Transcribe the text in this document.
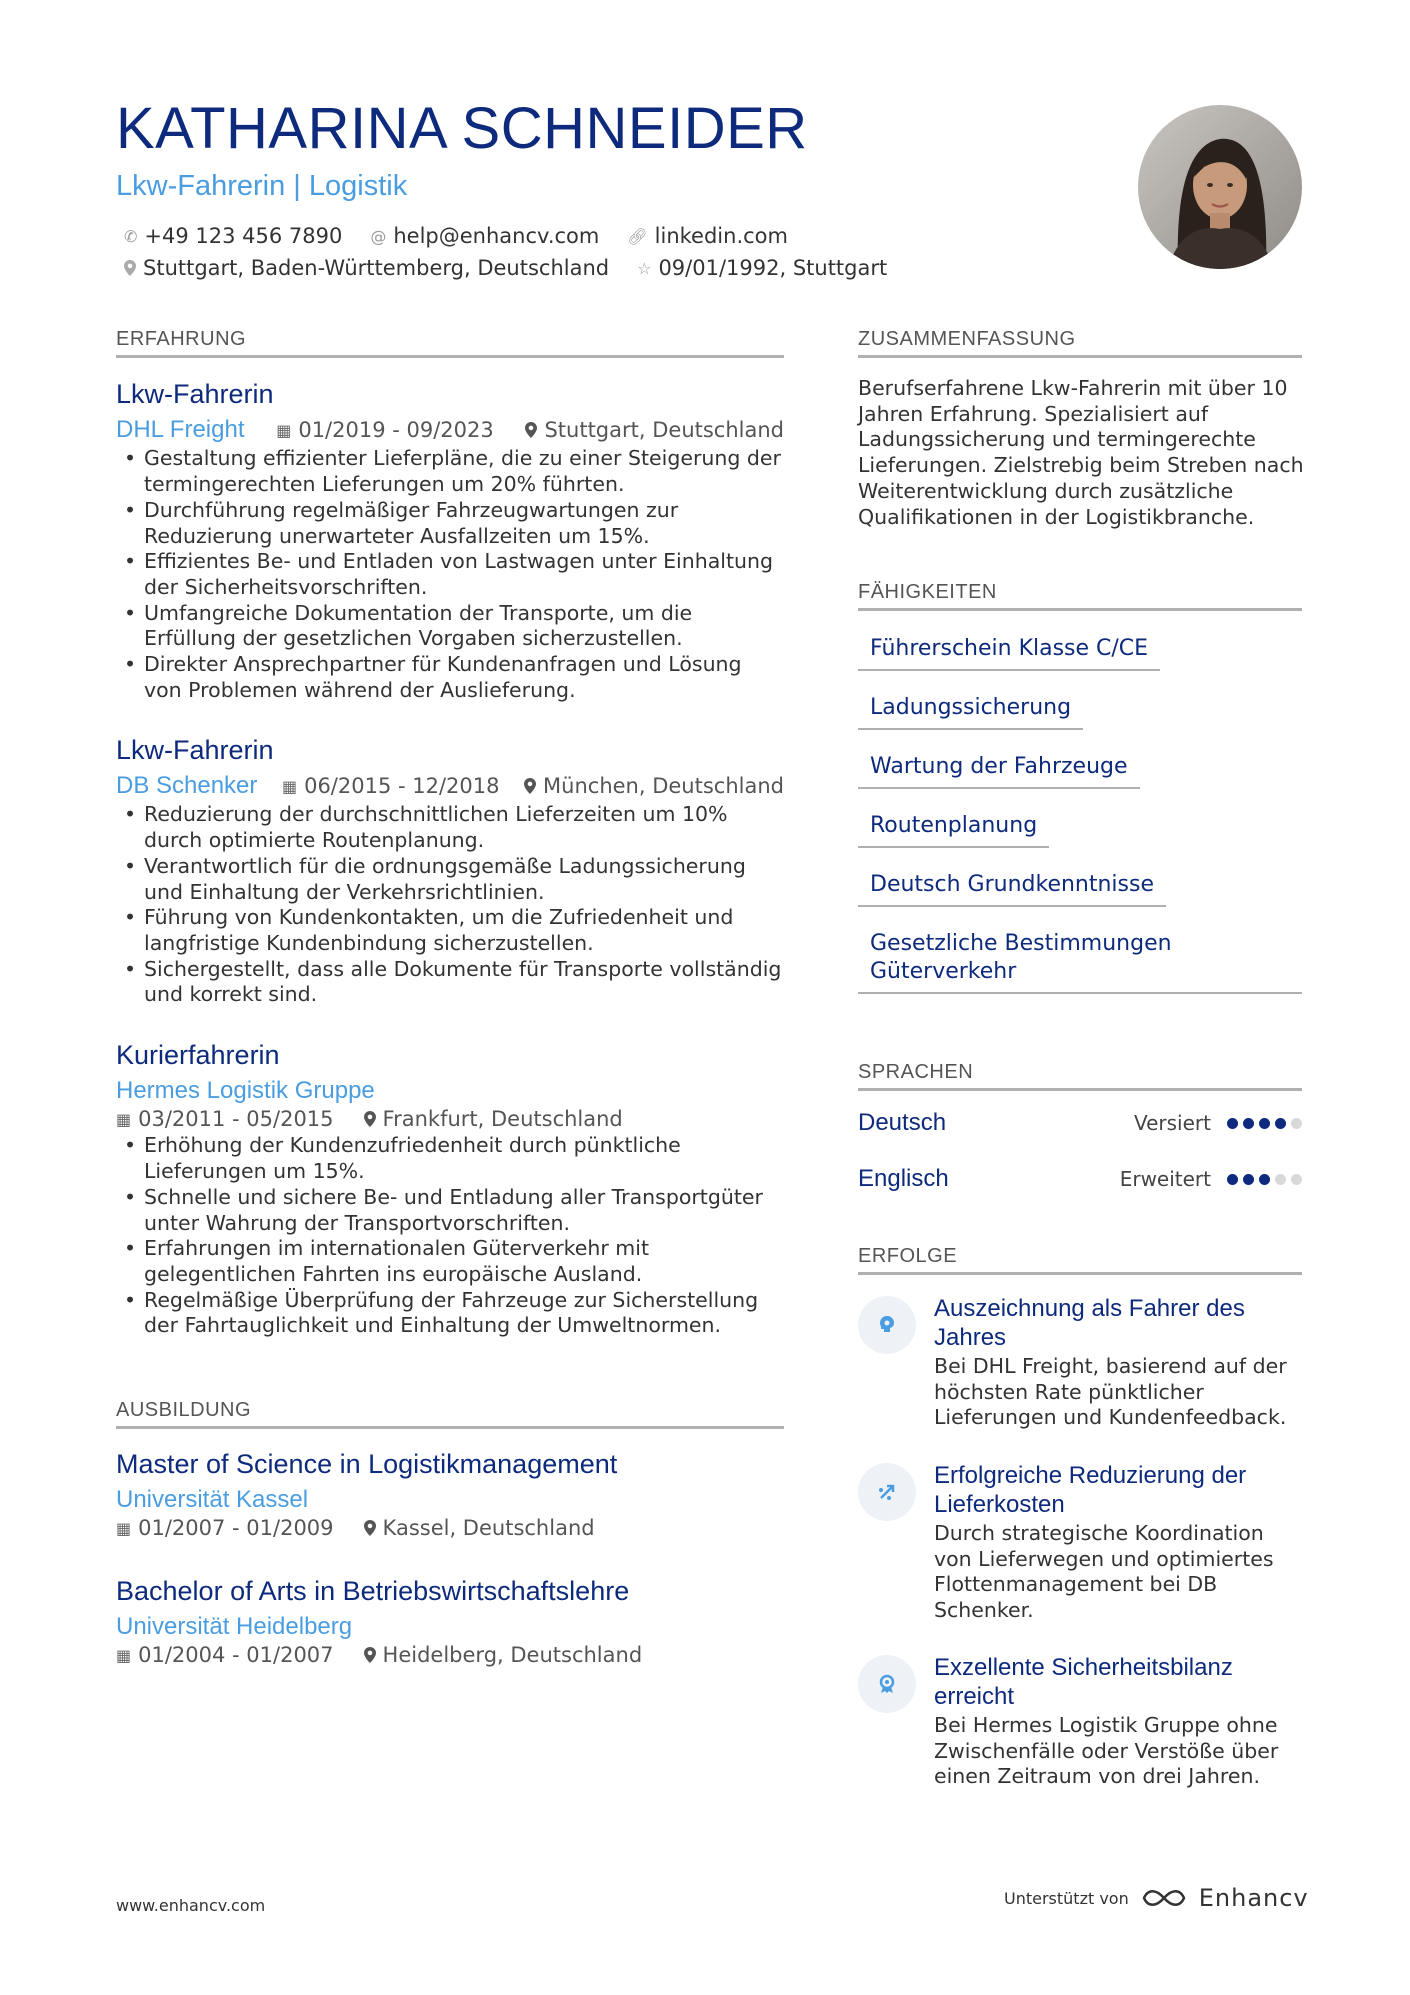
KATHARINA SCHNEIDER
Lkw-Fahrerin | Logistik
✆ +49 123 456 7890 @ help@enhancv.com 🔗︎ linkedin.com
Stuttgart, Baden-Württemberg, Deutschland ☆ 09/01/1992, Stuttgart
ERFAHRUNG
Lkw-Fahrerin
DHL Freight ▦ 01/2019 - 09/2023 Stuttgart, Deutschland
• Gestaltung effizienter Lieferpläne, die zu einer Steigerung der termingerechten Lieferungen um 20% führten.
• Durchführung regelmäßiger Fahrzeugwartungen zur Reduzierung unerwarteter Ausfallzeiten um 15%.
• Effizientes Be- und Entladen von Lastwagen unter Einhaltung der Sicherheitsvorschriften.
• Umfangreiche Dokumentation der Transporte, um die Erfüllung der gesetzlichen Vorgaben sicherzustellen.
• Direkter Ansprechpartner für Kundenanfragen und Lösung von Problemen während der Auslieferung.
Lkw-Fahrerin
DB Schenker ▦ 06/2015 - 12/2018 München, Deutschland
• Reduzierung der durchschnittlichen Lieferzeiten um 10% durch optimierte Routenplanung.
• Verantwortlich für die ordnungsgemäße Ladungssicherung und Einhaltung der Verkehrsrichtlinien.
• Führung von Kundenkontakten, um die Zufriedenheit und langfristige Kundenbindung sicherzustellen.
• Sichergestellt, dass alle Dokumente für Transporte vollständig und korrekt sind.
Kurierfahrerin
Hermes Logistik Gruppe
▦ 03/2011 - 05/2015 Frankfurt, Deutschland
• Erhöhung der Kundenzufriedenheit durch pünktliche Lieferungen um 15%.
• Schnelle und sichere Be- und Entladung aller Transportgüter unter Wahrung der Transportvorschriften.
• Erfahrungen im internationalen Güterverkehr mit gelegentlichen Fahrten ins europäische Ausland.
• Regelmäßige Überprüfung der Fahrzeuge zur Sicherstellung der Fahrtauglichkeit und Einhaltung der Umweltnormen.
AUSBILDUNG
Master of Science in Logistikmanagement
Universität Kassel
▦ 01/2007 - 01/2009 Kassel, Deutschland
Bachelor of Arts in Betriebswirtschaftslehre
Universität Heidelberg
▦ 01/2004 - 01/2007 Heidelberg, Deutschland
ZUSAMMENFASSUNG
Berufserfahrene Lkw-Fahrerin mit über 10 Jahren Erfahrung. Spezialisiert auf Ladungssicherung und termingerechte Lieferungen. Zielstrebig beim Streben nach Weiterentwicklung durch zusätzliche Qualifikationen in der Logistikbranche.
FÄHIGKEITEN
Führerschein Klasse C/CE
Ladungssicherung
Wartung der Fahrzeuge
Routenplanung
Deutsch Grundkenntnisse
Gesetzliche Bestimmungen Güterverkehr
SPRACHEN
Deutsch	Versiert
Englisch	Erweitert
ERFOLGE
Auszeichnung als Fahrer des Jahres
Bei DHL Freight, basierend auf der höchsten Rate pünktlicher Lieferungen und Kundenfeedback.
Erfolgreiche Reduzierung der Lieferkosten
Durch strategische Koordination von Lieferwegen und optimiertes Flottenmanagement bei DB Schenker.
Exzellente Sicherheitsbilanz erreicht
Bei Hermes Logistik Gruppe ohne Zwischenfälle oder Verstöße über einen Zeitraum von drei Jahren.
www.enhancv.com	Unterstützt von	Enhancv
